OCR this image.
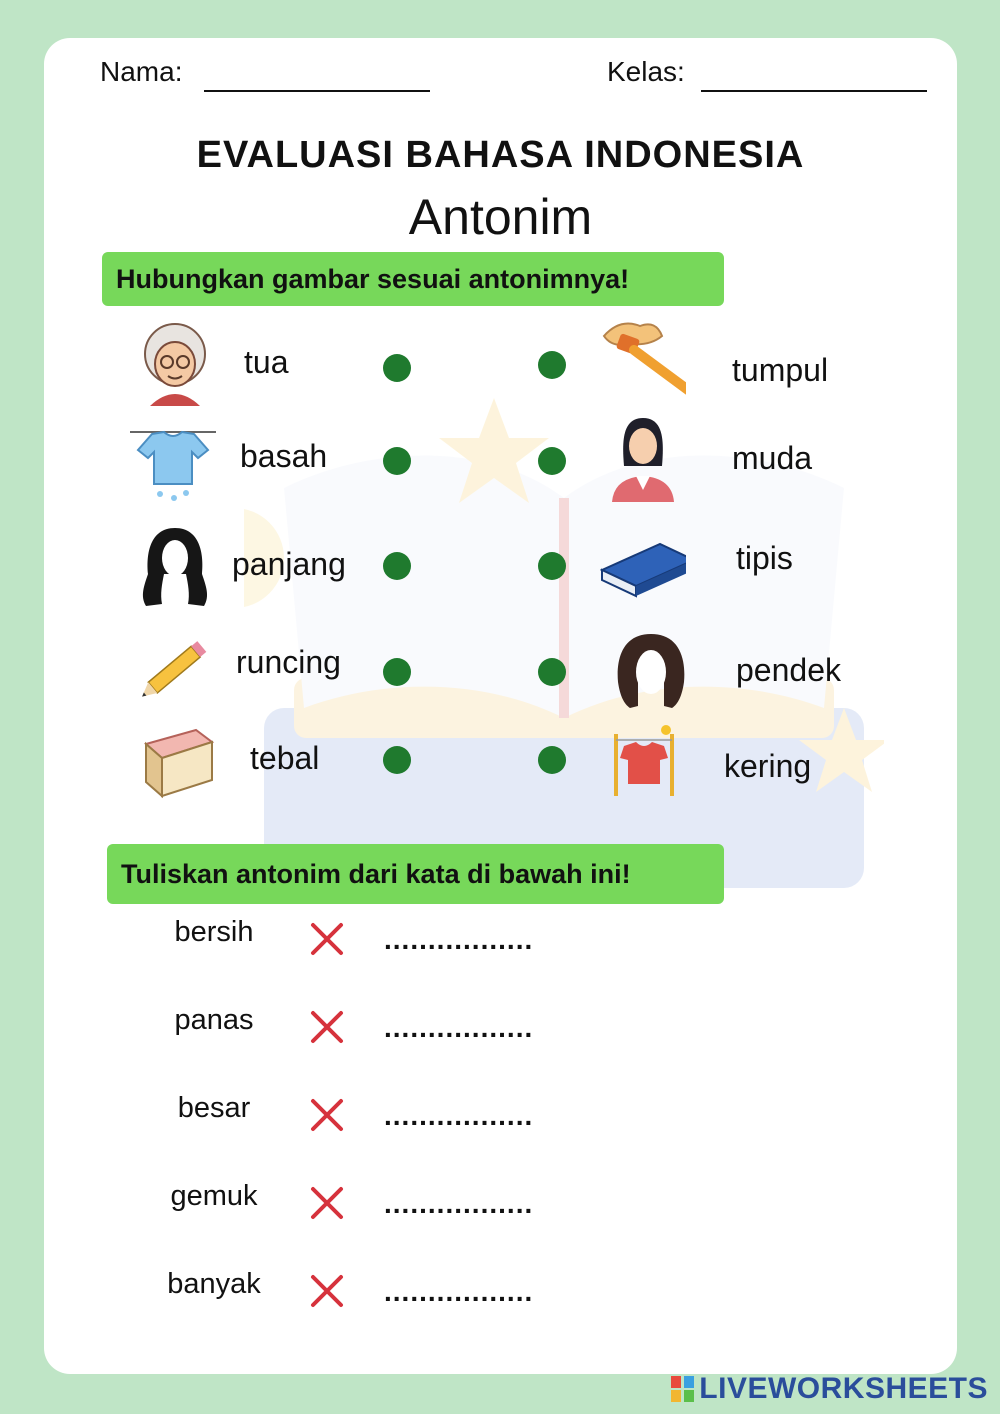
Nama:	Kelas:
EVALUASI BAHASA INDONESIA
Antonim
Hubungkan gambar sesuai antonimnya!
tua
basah
panjang
runcing
tebal
tumpul
muda
tipis
pendek
kering
Tuliskan antonim dari kata di bawah ini!
bersih
panas
besar
gemuk
banyak
.................
.................
.................
.................
.................
LIVEWORKSHEETS
